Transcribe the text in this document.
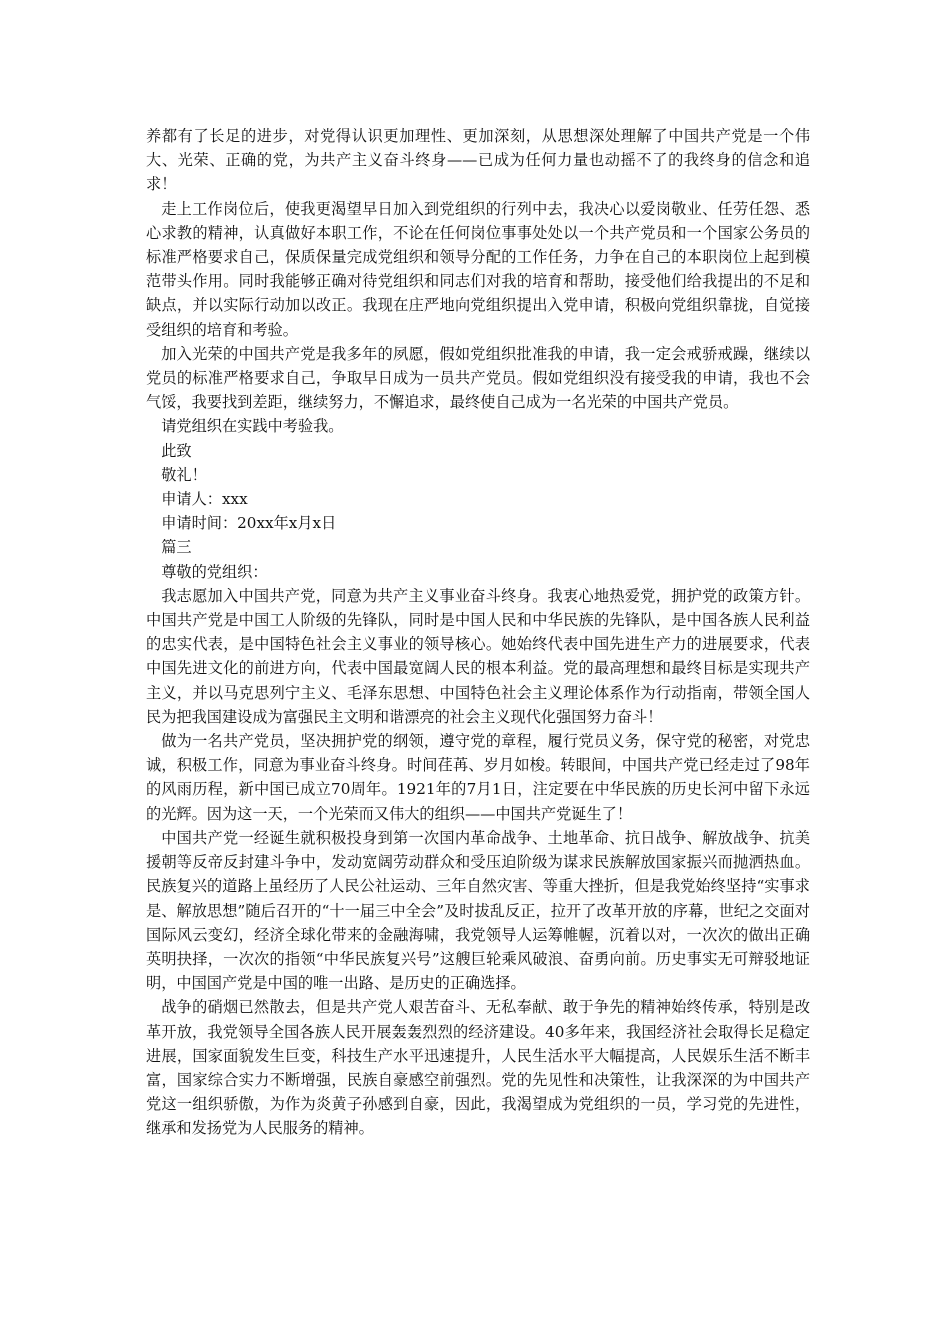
养都有了长足的进步，对党得认识更加理性、更加深刻，从思想深处理解了中国共产党是一个伟大、光荣、正确的党，为共产主义奋斗终身——已成为任何力量也动摇不了的我终身的信念和追求！

走上工作岗位后，使我更渴望早日加入到党组织的行列中去，我决心以爱岗敬业、任劳任怨、悉心求教的精神，认真做好本职工作，不论在任何岗位事事处处以一个共产党员和一个国家公务员的标准严格要求自己，保质保量完成党组织和领导分配的工作任务，力争在自己的本职岗位上起到模范带头作用。同时我能够正确对待党组织和同志们对我的培育和帮助，接受他们给我提出的不足和缺点，并以实际行动加以改正。我现在庄严地向党组织提出入党申请，积极向党组织靠拢，自觉接受组织的培育和考验。

加入光荣的中国共产党是我多年的夙愿，假如党组织批准我的申请，我一定会戒骄戒躁，继续以党员的标准严格要求自己，争取早日成为一员共产党员。假如党组织没有接受我的申请，我也不会气馁，我要找到差距，继续努力，不懈追求，最终使自己成为一名光荣的中国共产党员。

请党组织在实践中考验我。

此致

敬礼！

申请人：xxx

申请时间：20xx年x月x日

篇三

尊敬的党组织：

我志愿加入中国共产党，同意为共产主义事业奋斗终身。我衷心地热爱党，拥护党的政策方针。中国共产党是中国工人阶级的先锋队，同时是中国人民和中华民族的先锋队，是中国各族人民利益的忠实代表，是中国特色社会主义事业的领导核心。她始终代表中国先进生产力的进展要求，代表中国先进文化的前进方向，代表中国最宽阔人民的根本利益。党的最高理想和最终目标是实现共产主义，并以马克思列宁主义、毛泽东思想、中国特色社会主义理论体系作为行动指南，带领全国人民为把我国建设成为富强民主文明和谐漂亮的社会主义现代化强国努力奋斗！

做为一名共产党员，坚决拥护党的纲领，遵守党的章程，履行党员义务，保守党的秘密，对党忠诚，积极工作，同意为事业奋斗终身。时间荏苒、岁月如梭。转眼间，中国共产党已经走过了98年的风雨历程，新中国已成立70周年。1921年的7月1日，注定要在中华民族的历史长河中留下永远的光辉。因为这一天，一个光荣而又伟大的组织——中国共产党诞生了！

中国共产党一经诞生就积极投身到第一次国内革命战争、土地革命、抗日战争、解放战争、抗美援朝等反帝反封建斗争中，发动宽阔劳动群众和受压迫阶级为谋求民族解放国家振兴而抛洒热血。民族复兴的道路上虽经历了人民公社运动、三年自然灾害、等重大挫折，但是我党始终坚持“实事求是、解放思想”随后召开的“十一届三中全会”及时拔乱反正，拉开了改革开放的序幕，世纪之交面对国际风云变幻，经济全球化带来的金融海啸，我党领导人运筹帷幄，沉着以对，一次次的做出正确英明抉择，一次次的指领“中华民族复兴号”这艘巨轮乘风破浪、奋勇向前。历史事实无可辩驳地证明，中国国产党是中国的唯一出路、是历史的正确选择。

战争的硝烟已然散去，但是共产党人艰苦奋斗、无私奉献、敢于争先的精神始终传承，特别是改革开放，我党领导全国各族人民开展轰轰烈烈的经济建设。40多年来，我国经济社会取得长足稳定进展，国家面貌发生巨变，科技生产水平迅速提升，人民生活水平大幅提高，人民娱乐生活不断丰富，国家综合实力不断增强，民族自豪感空前强烈。党的先见性和决策性，让我深深的为中国共产党这一组织骄傲，为作为炎黄子孙感到自豪，因此，我渴望成为党组织的一员，学习党的先进性，继承和发扬党为人民服务的精神。
